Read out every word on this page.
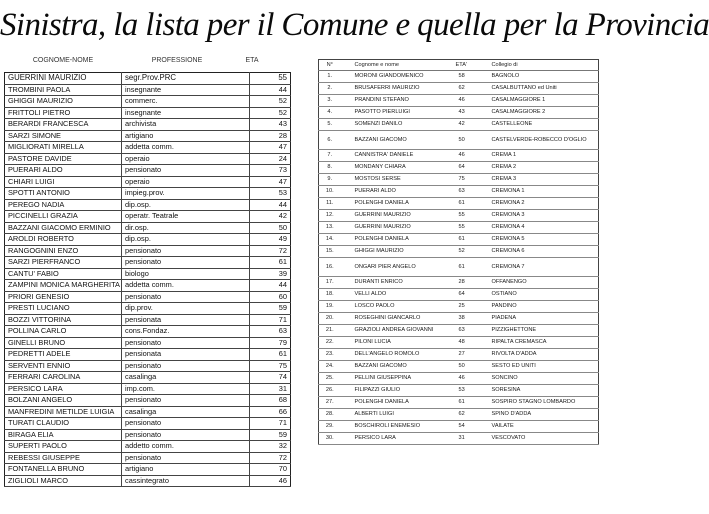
Sinistra, la lista per il Comune e quella per la Provincia
COGNOME-NOME	PROFESSIONE	ETA
GUERRINI MAURIZIO	segr.Prov.PRC	55
TROMBINI PAOLA	insegnante	44
GHIGGI MAURIZIO	commerc.	52
FRITTOLI PIETRO	insegnante	52
BERARDI FRANCESCA	archivista	43
SARZI SIMONE	artigiano	28
MIGLIORATI MIRELLA	addetta comm.	47
PASTORE DAVIDE	operaio	24
PUERARI ALDO	pensionato	73
CHIARI LUIGI	operaio	47
SPOTTI ANTONIO	impieg.prov.	53
PEREGO NADIA	dip.osp.	44
PICCINELLI GRAZIA	operatr. Teatrale	42
BAZZANI GIACOMO ERMINIO	dir.osp.	50
AROLDI ROBERTO	dip.osp.	49
RANGOGNINI ENZO	pensionato	72
SARZI PIERFRANCO	pensionato	61
CANTU' FABIO	biologo	39
ZAMPINI MONICA MARGHERITA	addetta comm.	44
PRIORI GENESIO	pensionato	60
PRESTI LUCIANO	dip.prov.	59
BOZZI VITTORINA	pensionata	71
POLLINA CARLO	cons.Fondaz.	63
GINELLI BRUNO	pensionato	79
PEDRETTI ADELE	pensionata	61
SERVENTI ENNIO	pensionato	75
FERRARI CAROLINA	casalinga	74
PERSICO LARA	imp.com.	31
BOLZANI ANGELO	pensionato	68
MANFREDINI METILDE LUIGIA	casalinga	66
TURATI CLAUDIO	pensionato	71
BIRAGA ELIA	pensionato	59
SUPERTI PAOLO	addetto comm.	32
REBESSI GIUSEPPE	pensionato	72
FONTANELLA BRUNO	artigiano	70
ZIGLIOLI MARCO	cassintegrato	46
N°	Cognome e nome	ETA'	Collegio di
1.	MORONI GIANDOMENICO	58	BAGNOLO
2.	BRUSAFERRI MAURIZIO	62	CASALBUTTANO ed Uniti
3.	PRANDINI STEFANO	46	CASALMAGGIORE 1
4.	PASOTTO PIERLUIGI	43	CASALMAGGIORE 2
5.	SOMENZI DANILO	42	CASTELLEONE
6.	BAZZANI GIACOMO	50	CASTELVERDE-ROBECCO D'OGLIO
7.	CANNISTRA' DANIELE	46	CREMA 1
8.	MONDANY CHIARA	64	CREMA 2
9.	MOSTOSI SERSE	75	CREMA 3
10.	PUERARI ALDO	63	CREMONA 1
11.	POLENGHI DANIELA	61	CREMONA 2
12.	GUERRINI MAURIZIO	55	CREMONA 3
13.	GUERRINI MAURIZIO	55	CREMONA 4
14.	POLENGHI DANIELA	61	CREMONA 5
15.	GHIGGI MAURIZIO	52	CREMONA 6
16.	ONGARI PIER ANGELO	61	CREMONA 7
17.	DURANTI ENRICO	28	OFFANENGO
18.	VELLI ALDO	64	OSTIANO
19.	LOSCO PAOLO	25	PANDINO
20.	ROSEGHINI GIANCARLO	38	PIADENA
21.	GRAZIOLI ANDREA GIOVANNI	63	PIZZIGHETTONE
22.	PILONI LUCIA	48	RIPALTA CREMASCA
23.	DELL'ANGELO ROMOLO	27	RIVOLTA D'ADDA
24.	BAZZANI GIACOMO	50	SESTO ED UNITI
25.	PELLINI GIUSEPPINA	46	SONCINO
26.	FILIPAZZI GIULIO	53	SORESINA
27.	POLENGHI DANIELA	61	SOSPIRO STAGNO LOMBARDO
28.	ALBERTI LUIGI	62	SPINO D'ADDA
29.	BOSCHIROLI ENEMESIO	54	VAILATE
30.	PERSICO LARA	31	VESCOVATO
